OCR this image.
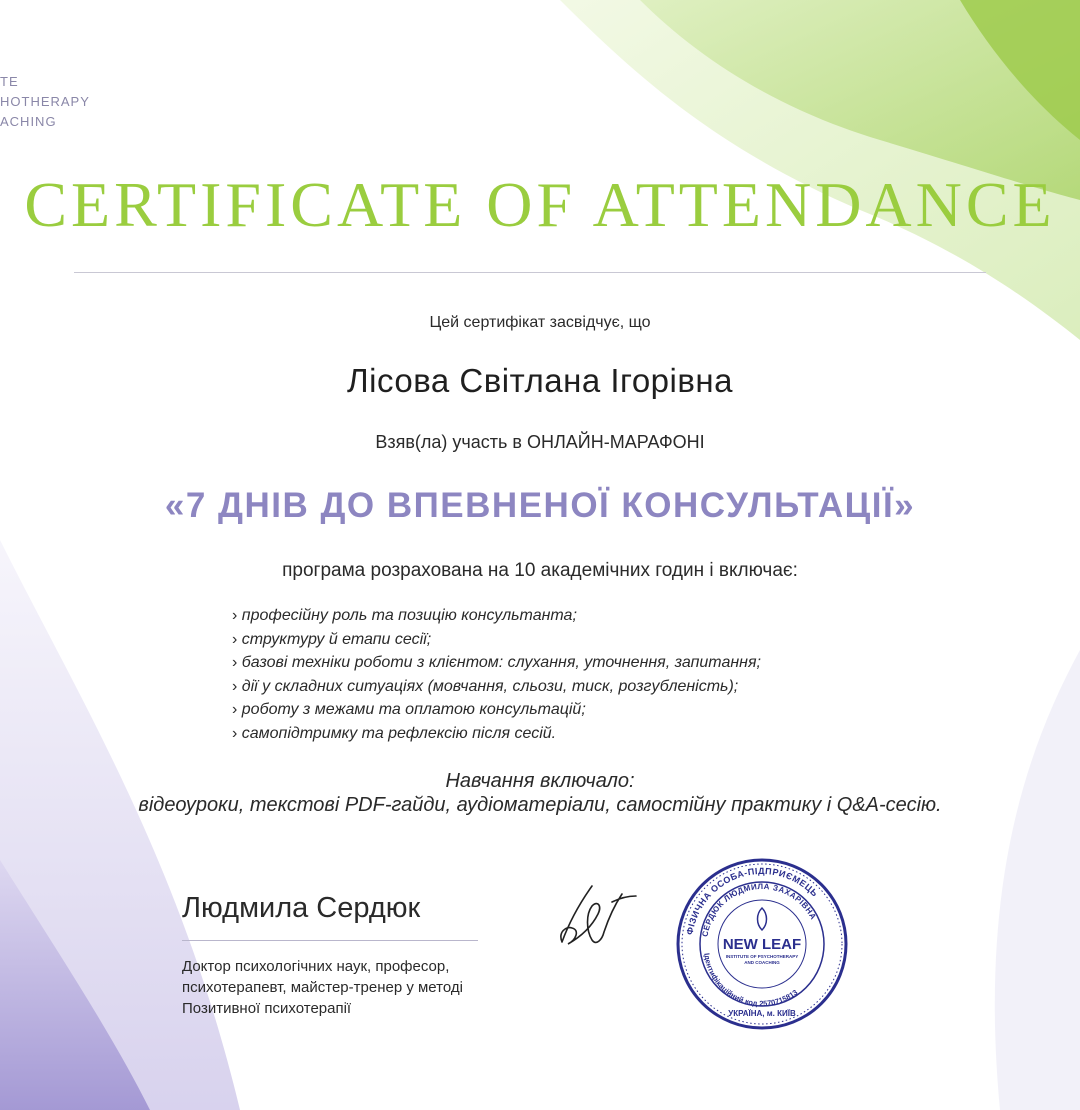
TE
HOTHERAPY
ACHING
CERTIFICATE OF ATTENDANCE
Цей сертифікат засвідчує, що
Лісова Світлана Ігорівна
Взяв(ла) участь в ОНЛАЙН-МАРАФОНІ
«7 ДНІВ ДО ВПЕВНЕНОЇ КОНСУЛЬТАЦІЇ»
програма розрахована на 10 академічних годин і включає:
› професійну роль та позицію консультанта;
› структуру й етапи сесії;
› базові техніки роботи з клієнтом: слухання, уточнення, запитання;
› дії у складних ситуаціях (мовчання, сльози, тиск, розгубленість);
› роботу з межами та оплатою консультацій;
› самопідтримку та рефлексію після сесій.
Навчання включало:
відеоуроки, текстові PDF-гайди, аудіоматеріали, самостійну практику і Q&A-сесію.
Людмила Сердюк
Доктор психологічних наук, професор,
психотерапевт, майстер-тренер у методі
Позитивної психотерапії
ФІЗИЧНА ОСОБА-ПІДПРИЄМЕЦЬ
СЕРДЮК ЛЮДМИЛА ЗАХАРІВНА
Ідентифікаційний код 2570715813
NEW LEAF
INSTITUTE OF PSYCHOTHERAPY
AND COACHING
УКРАЇНА, м. КИЇВ
